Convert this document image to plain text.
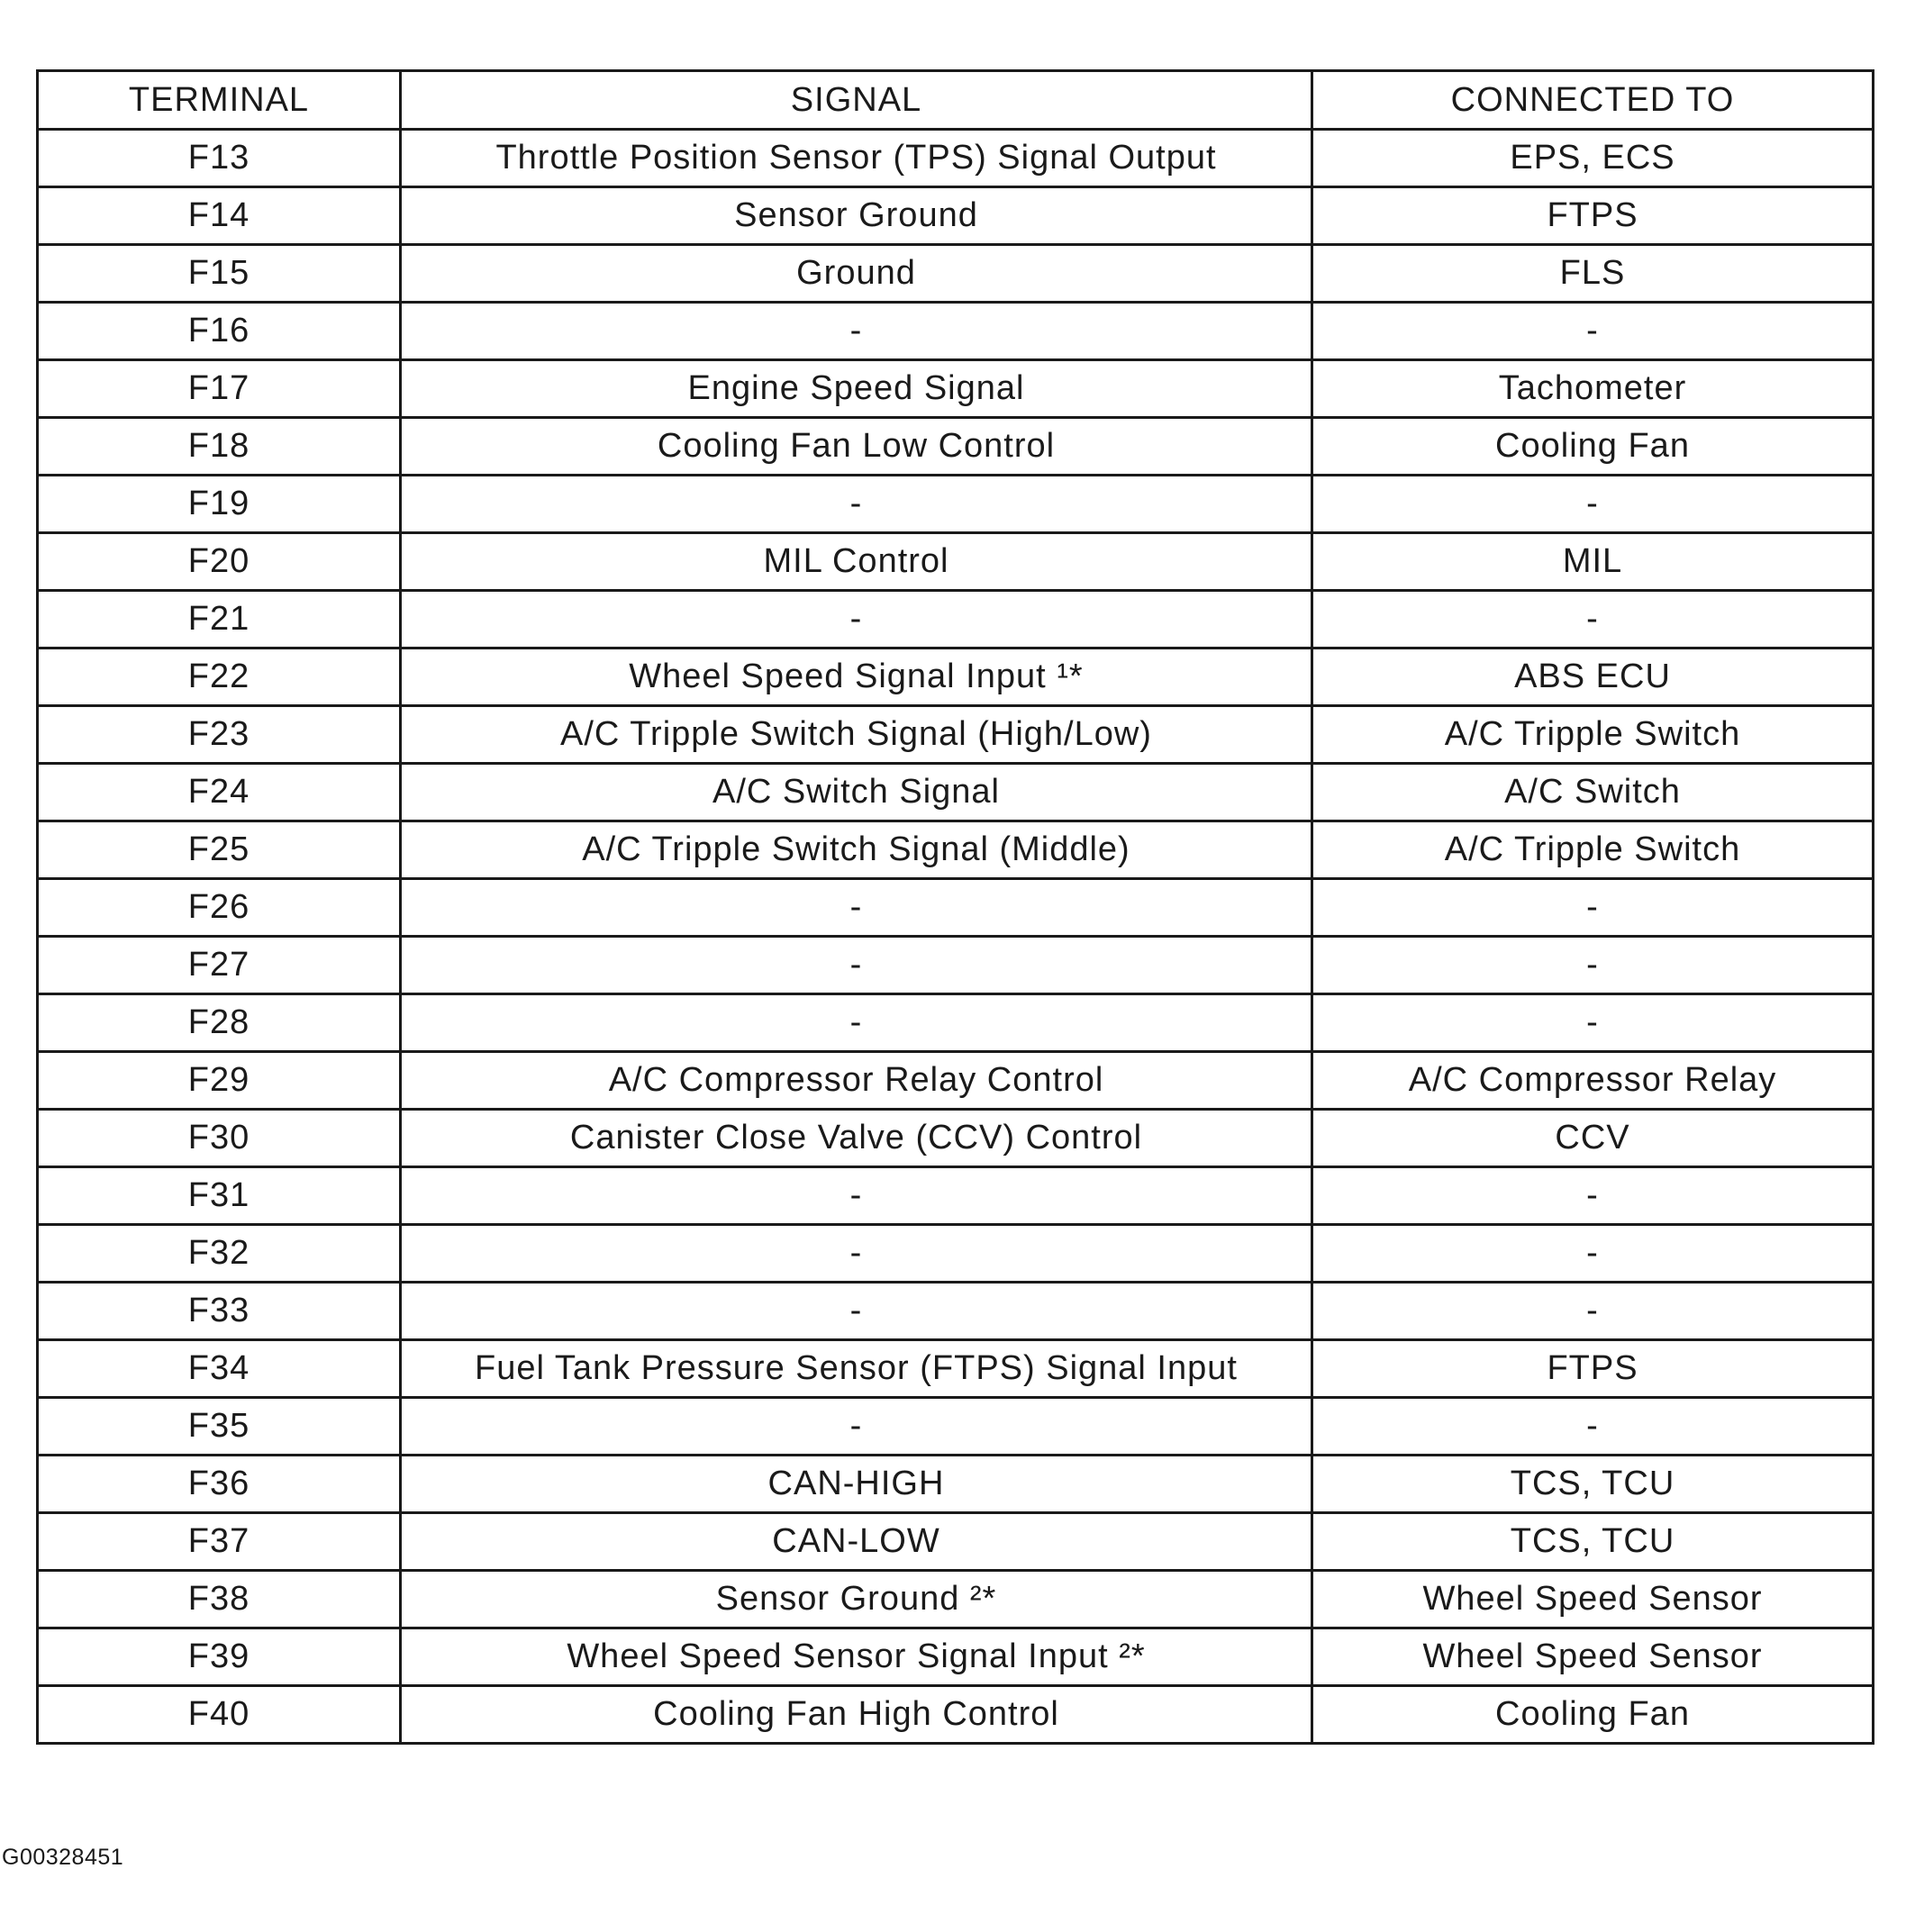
TERMINAL	SIGNAL	CONNECTED TO
F13	Throttle Position Sensor (TPS) Signal Output	EPS, ECS
F14	Sensor Ground	FTPS
F15	Ground	FLS
F16	-	-
F17	Engine Speed Signal	Tachometer
F18	Cooling Fan Low Control	Cooling Fan
F19	-	-
F20	MIL Control	MIL
F21	-	-
F22	Wheel Speed Signal Input ¹*	ABS ECU
F23	A/C Tripple Switch Signal (High/Low)	A/C Tripple Switch
F24	A/C Switch Signal	A/C Switch
F25	A/C Tripple Switch Signal (Middle)	A/C Tripple Switch
F26	-	-
F27	-	-
F28	-	-
F29	A/C Compressor Relay Control	A/C Compressor Relay
F30	Canister Close Valve (CCV) Control	CCV
F31	-	-
F32	-	-
F33	-	-
F34	Fuel Tank Pressure Sensor (FTPS) Signal Input	FTPS
F35	-	-
F36	CAN-HIGH	TCS, TCU
F37	CAN-LOW	TCS, TCU
F38	Sensor Ground ²*	Wheel Speed Sensor
F39	Wheel Speed Sensor Signal Input ²*	Wheel Speed Sensor
F40	Cooling Fan High Control	Cooling Fan
G00328451
